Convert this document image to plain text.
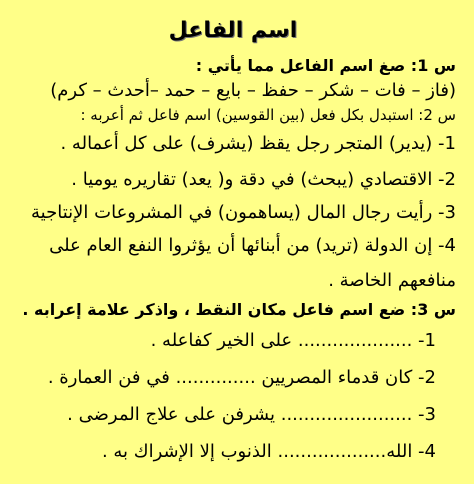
اسم الفاعل
س 1: صغ اسم الفاعل مما يأتي :
(فاز – فات – شكر – حفظ – بايع – حمد –أحدث – كرم)
س 2: استبدل بكل فعل (بين القوسين) اسم فاعل ثم أعربه :
1- (يدير) المتجر رجل يقظ (يشرف) على كل أعماله .
2- الاقتصادي (يبحث) في دقة و( يعد) تقاريره يوميا .
3- رأيت رجال المال (يساهمون) في المشروعات الإنتاجية
4- إن الدولة (تريد) من أبنائها أن يؤثروا النفع العام على
منافعهم الخاصة .
س 3: ضع اسم فاعل مكان النقط ، واذكر علامة إعرابه .
1- .................... على الخير كفاعله .
2- كان قدماء المصريين .............. في فن العمارة .
3- ....................... يشرفن على علاج المرضى .
4- الله................... الذنوب إلا الإشراك به .
